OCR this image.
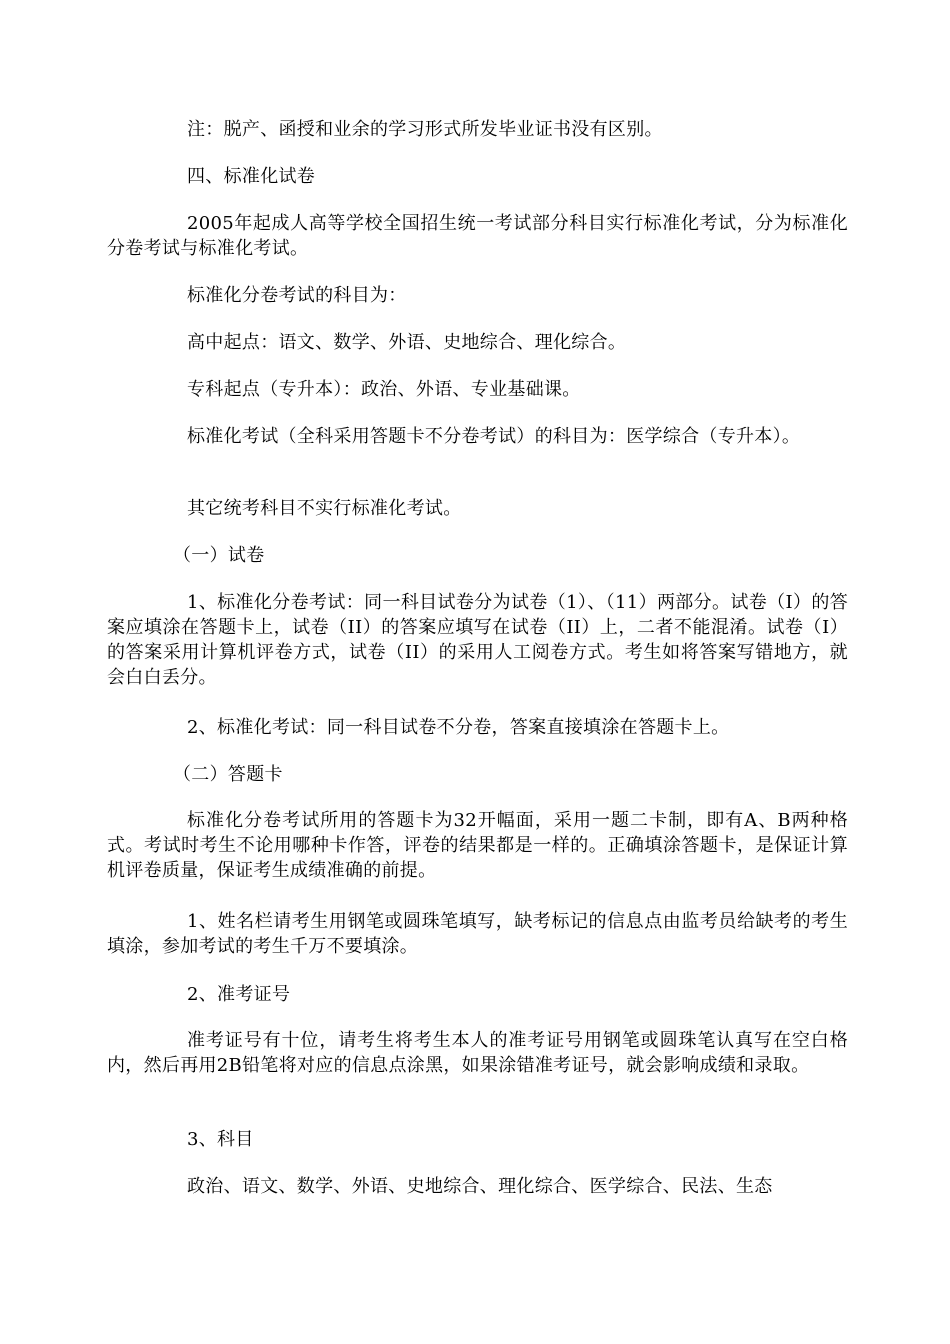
注：脱产、函授和业余的学习形式所发毕业证书没有区别。

四、标准化试卷

2005年起成人高等学校全国招生统一考试部分科目实行标准化考试，分为标准化分卷考试与标准化考试。

标准化分卷考试的科目为：

高中起点：语文、数学、外语、史地综合、理化综合。

专科起点（专升本）：政治、外语、专业基础课。

标准化考试（全科采用答题卡不分卷考试）的科目为：医学综合（专升本）。

其它统考科目不实行标准化考试。

（一）试卷

1、标准化分卷考试：同一科目试卷分为试卷（1）、（11）两部分。试卷（I）的答案应填涂在答题卡上，试卷（II）的答案应填写在试卷（II）上，二者不能混淆。试卷（I）的答案采用计算机评卷方式，试卷（II）的采用人工阅卷方式。考生如将答案写错地方，就会白白丢分。

2、标准化考试：同一科目试卷不分卷，答案直接填涂在答题卡上。

（二）答题卡

标准化分卷考试所用的答题卡为32开幅面，采用一题二卡制，即有A、B两种格式。考试时考生不论用哪种卡作答，评卷的结果都是一样的。正确填涂答题卡，是保证计算机评卷质量，保证考生成绩准确的前提。

1、姓名栏请考生用钢笔或圆珠笔填写，缺考标记的信息点由监考员给缺考的考生填涂，参加考试的考生千万不要填涂。

2、准考证号

准考证号有十位，请考生将考生本人的准考证号用钢笔或圆珠笔认真写在空白格内，然后再用2B铅笔将对应的信息点涂黑，如果涂错准考证号，就会影响成绩和录取。

3、科目

政治、语文、数学、外语、史地综合、理化综合、医学综合、民法、生态
